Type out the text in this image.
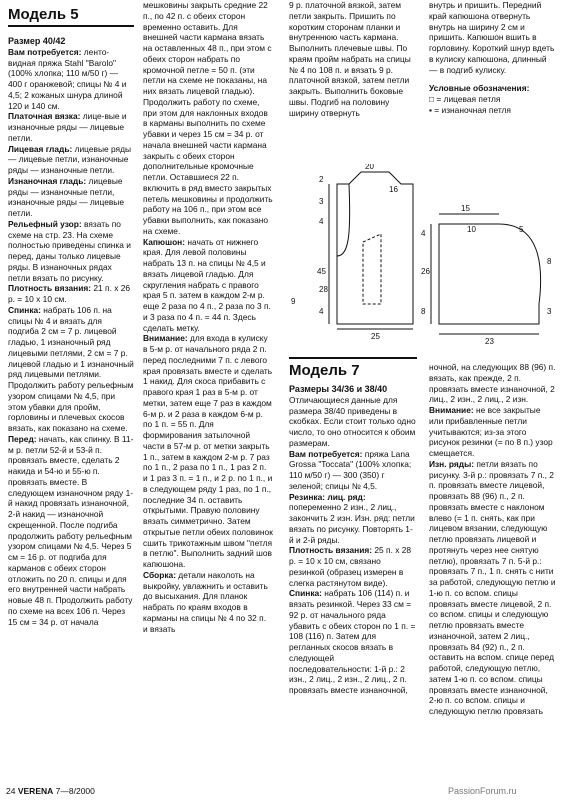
Модель 5

Размер 40/42

Вам потребуется: ленто-видная пряжа Stahl "Barolo" (100% хлопка; 110 м/50 г) — 400 г оранжевой; спицы № 4 и 4,5; 2 кожаных шнура длиной 120 и 140 см.

Платочная вязка: лице-вые и изнаночные ряды — лицевые петли.

Лицевая гладь: лицевые ряды — лицевые петли, изнаночные ряды — изнаночные петли.

Изнаночная гладь: лицевые ряды — изнаночные петли, изнаночные ряды — лицевые петли.

Рельефный узор: вязать по схеме на стр. 23. На схеме полностью приведены спинка и перед, даны только лицевые ряды. В изнаночных рядах петли вязать по рисунку.

Плотность вязания: 21 п. х 26 р. = 10 х 10 см.

Спинка: набрать 106 п. на спицы № 4 и вязать для подгиба 2 см = 7 р. лицевой гладью, 1 изнаночный ряд лицевыми петлями, 2 см = 7 р. лицевой гладью и 1 изнаночный ряд лицевыми петлями. Продолжить работу рельефным узором спицами № 4,5, при этом убавки для пройм, горловины и плечевых скосов вязать, как показано на схеме.

Перед: начать, как спинку. В 11-м р. петли 52-й и 53-й п. провязать вместе, сделать 2 накида и 54-ю и 55-ю п. провязать вместе. В следующем изнаночном ряду 1-й накид провязать изнаночной, 2-й накид — изнаночной скрещенной. После подгиба продолжить работу рельефным узором спицами № 4,5. Через 5 см = 16 р. от подгиба для карманов с обеих сторон отложить по 20 п. спицы и для его внутренней части набрать новые 48 п. Продолжить работу по схеме на всех 106 п. Через 15 см = 34 р. от начала

мешковины закрыть средние 22 п., по 42 п. с обеих сторон временно оставить. Для внешней части кармана вязать на оставленных 48 п., при этом с обеих сторон набрать по кромочной петле = 50 п. (эти петли на схеме не показаны, на них вязать лицевой гладью). Продолжить работу по схеме, при этом для наклонных входов в карманы выполнить по схеме убавки и через 15 см = 34 р. от начала внешней части кармана закрыть с обеих сторон дополнительные кромочные петли. Оставшиеся 22 п. включить в ряд вместо закрытых петель мешковины и продолжить работу на 106 п., при этом все убавки выполнить, как показано на схеме.

Капюшон: начать от нижнего края. Для левой половины набрать 13 п. на спицы № 4,5 и вязать лицевой гладью. Для скругления набрать с правого края 5 п. затем в каждом 2-м р. еще 2 раза по 4 п., 2 раза по 3 п. и 3 раза по 4 п. = 44 п. Здесь сделать метку.

Внимание: для входа в кулиску в 5-м р. от начального ряда 2 п. перед последними 7 п. с левого края провязать вместе и сделать 1 накид. Для скоса прибавить с правого края 1 раз в 5-м р. от метки, затем еще 7 раз в каждом 6-м р. и 2 раза в каждом 6-м р. по 1 п. = 55 п. Для формирования затылочной части в 57-м р. от метки закрыть 1 п., затем в каждом 2-м р. 7 раз по 1 п., 2 раза по 1 п., 1 раз 2 п. и 1 раз 3 п. = 1 п., и 2 р. по 1 п., и в следующем ряду 1 раз, по 1 п., последние 34 п. оставить открытыми. Правую половину вязать симметрично. Затем открытые петли обеих половинок сшить трикотажным швом "петля в петлю". Выполнить задний шов капюшона.

Сборка: детали наколоть на выкройку, увлажнить и оставить до высыхания. Для планок набрать по краям входов в карманы на спицы № 4 по 32 п. и вязать

9 р. платочной вязкой, затем петли закрыть. Пришить по коротким сторонам планки и внутреннюю часть кармана. Выполнить плечевые швы. По краям пройм набрать на спицы № 4 по 108 п. и вязать 9 р. платочной вязкой, затем петли закрыть. Выполнить боковые швы. Подгиб на половину ширину отвернуть

внутрь и пришить. Передний край капюшона отвернуть внутрь на ширину 2 см и пришить. Капюшон вшить в горловину. Короткий шнур вдеть в кулиску капюшона, длинный — в подгиб кулиску.

Условные обозначения:

□ = лицевая петля

▪ = изнаночная петля

20
16
25
2
3
4
45
28
4
9
15
10	5
23
26
4
8	3
8
Модель 7

Размеры 34/36 и 38/40

Отличающиеся данные для размера 38/40 приведены в скобках. Если стоит только одно число, то оно относится к обоим размерам.

Вам потребуется: пряжа Lana Grossa "Toccata" (100% хлопка; 110 м/50 г) — 300 (350) г зеленой; спицы № 4,5.

Резинка: лиц. ряд: попеременно 2 изн., 2 лиц., закончить 2 изн. Изн. ряд: петли вязать по рисунку. Повторять 1-й и 2-й ряды.

Плотность вязания: 25 п. х 28 р. = 10 х 10 см, связано резинкой (образец измерен в слегка растянутом виде).

Спинка: набрать 106 (114) п. и вязать резинкой. Через 33 см = 92 р. от начального ряда убавить с обеих сторон по 1 п. = 108 (116) п. Затем для регланных скосов вязать в следующей последовательности: 1-й р.: 2 изн., 2 лиц., 2 изн., 2 лиц., 2 п. провязать вместе изнаночной,

ночной, на следующих 88 (96) п. вязать, как прежде, 2 п. провязать вместе изнаночной, 2 лиц., 2 изн., 2 лиц., 2 изн.

Внимание: не все закрытые или прибавленные петли учитываются; из-за этого рисунок резинки (= по 8 п.) узор смещается.

Изн. ряды: петли вязать по рисунку. 3-й р.: провязать 7 п., 2 п. провязать вместе лицевой, провязать 88 (96) п., 2 п. провязать вместе с наклоном влево (= 1 п. снять, как при лицевом вязании, следующую петлю провязать лицевой и протянуть через нее снятую петлю), провязать 7 п. 5-й р.: провязать 7 п., 1 п. снять с нити за работой, следующую петлю и 1-ю п. со вспом. спицы провязать вместе лицевой, 2 п. со вспом. спицы и следующую петлю провязать вместе изнаночной, затем 2 лиц., провязать 84 (92) п., 2 п. оставить на вспом. спице перед работой, следующую петлю, затем 1-ю п. со вспом. спицы провязать вместе изнаночной, 2-ю п. со вспом. спицы и следующую петлю провязать

24 VERENA 7—8/2000	PassionForum.ru
